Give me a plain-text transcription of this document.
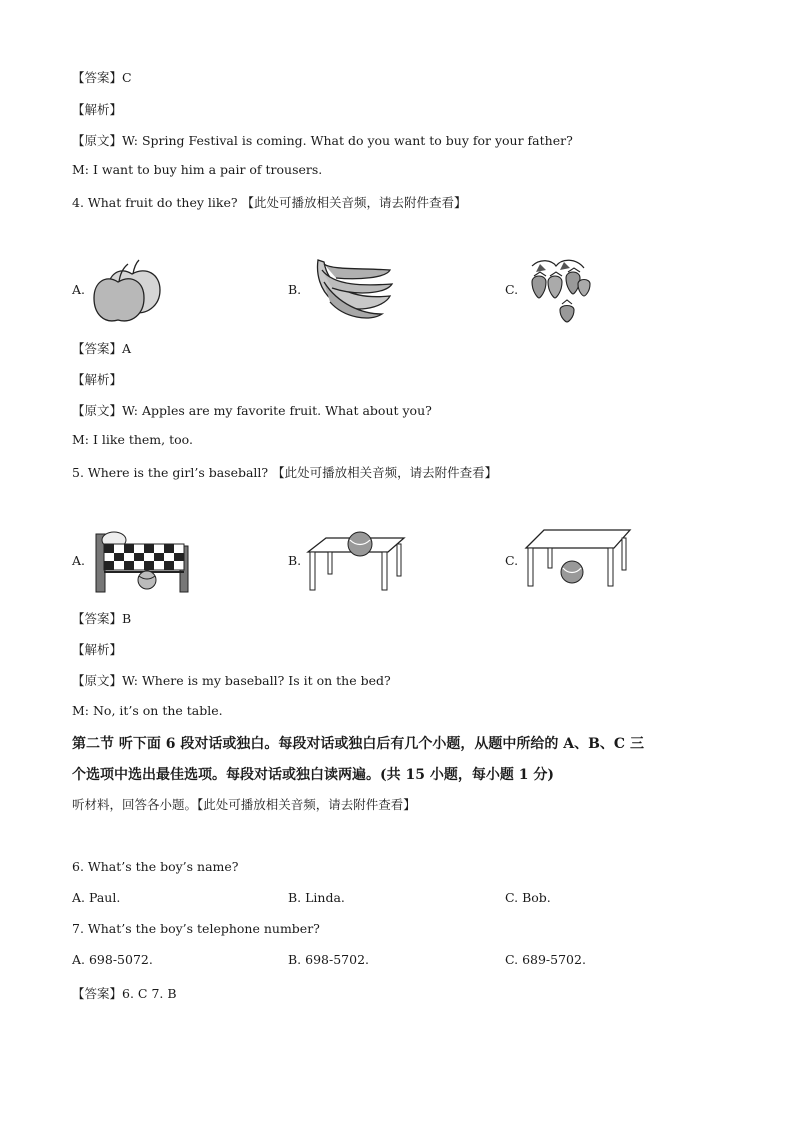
【答案】C
【解析】
【原文】W: Spring Festival is coming. What do you want to buy for your father?
M: I want to buy him a pair of trousers.
4. What fruit do they like? 【此处可播放相关音频，请去附件查看】
A.	B.	C.
【答案】A
【解析】
【原文】W: Apples are my favorite fruit. What about you?
M: I like them, too.
5. Where is the girl’s baseball? 【此处可播放相关音频，请去附件查看】
A.	B.	C.
【答案】B
【解析】
【原文】W: Where is my baseball? Is it on the bed?
M: No, it’s on the table.
第二节 听下面 6 段对话或独白。每段对话或独白后有几个小题，从题中所给的 A、B、C 三
个选项中选出最佳选项。每段对话或独白读两遍。(共 15 小题，每小题 1 分)
听材料，回答各小题。【此处可播放相关音频，请去附件查看】
6. What’s the boy’s name?
A. Paul.	B. Linda.	C. Bob.
7. What’s the boy’s telephone number?
A. 698-5072.	B. 698-5702.	C. 689-5702.
【答案】6. C 7. B
